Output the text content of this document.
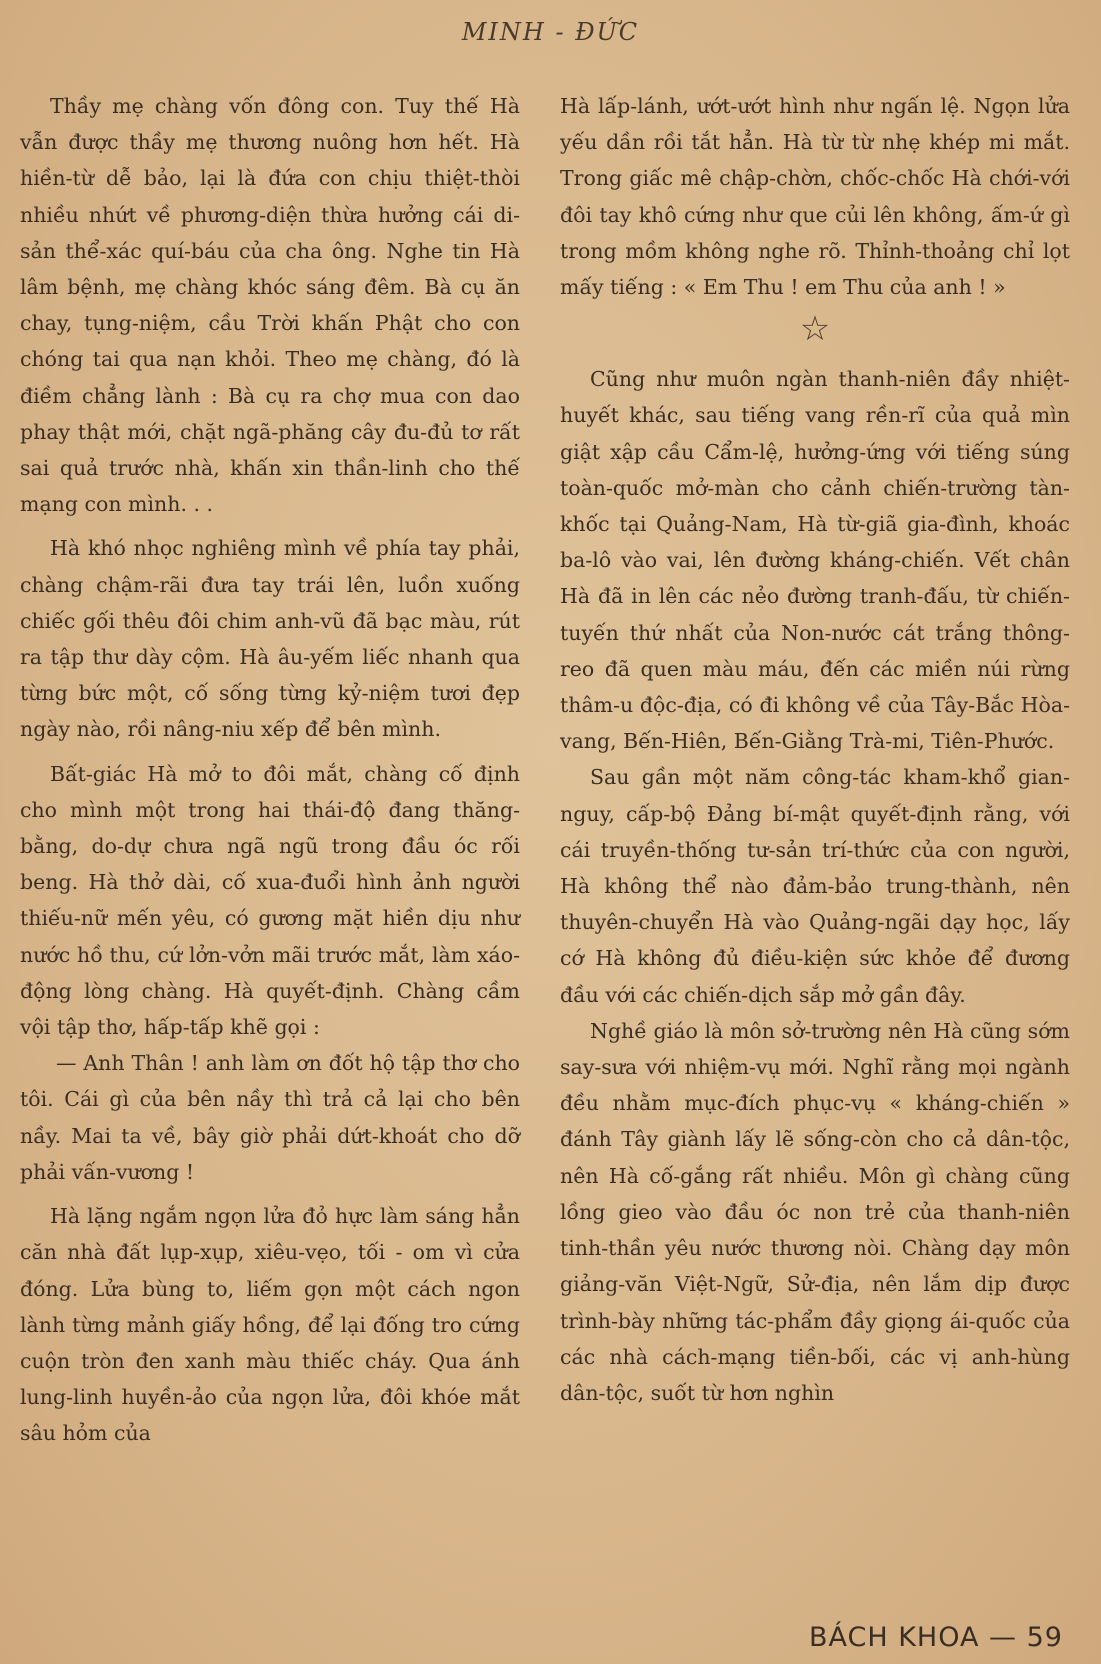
MINH - ĐỨC

Thầy mẹ chàng vốn đông con. Tuy thế Hà vẫn được thầy mẹ thương nuông hơn hết. Hà hiền-từ dễ bảo, lại là đứa con chịu thiệt-thòi nhiều nhứt về phương-diện thừa hưởng cái di-sản thể-xác quí-báu của cha ông. Nghe tin Hà lâm bệnh, mẹ chàng khóc sáng đêm. Bà cụ ăn chay, tụng-niệm, cầu Trời khấn Phật cho con chóng tai qua nạn khỏi. Theo mẹ chàng, đó là điềm chẳng lành : Bà cụ ra chợ mua con dao phay thật mới, chặt ngã-phăng cây đu-đủ tơ rất sai quả trước nhà, khấn xin thần-linh cho thế mạng con mình. . .

Hà khó nhọc nghiêng mình về phía tay phải, chàng chậm-rãi đưa tay trái lên, luồn xuống chiếc gối thêu đôi chim anh-vũ đã bạc màu, rút ra tập thư dày cộm. Hà âu-yếm liếc nhanh qua từng bức một, cố sống từng kỷ-niệm tươi đẹp ngày nào, rồi nâng-niu xếp để bên mình.

Bất-giác Hà mở to đôi mắt, chàng cố định cho mình một trong hai thái-độ đang thăng-bằng, do-dự chưa ngã ngũ trong đầu óc rối beng. Hà thở dài, cố xua-đuổi hình ảnh người thiếu-nữ mến yêu, có gương mặt hiền dịu như nước hồ thu, cứ lởn-vởn mãi trước mắt, làm xáo-động lòng chàng. Hà quyết-định. Chàng cầm vội tập thơ, hấp-tấp khẽ gọi :

— Anh Thân ! anh làm ơn đốt hộ tập thơ cho tôi. Cái gì của bên nầy thì trả cả lại cho bên nầy. Mai ta về, bây giờ phải dứt-khoát cho dỡ phải vấn-vương !

Hà lặng ngắm ngọn lửa đỏ hực làm sáng hẳn căn nhà đất lụp-xụp, xiêu-vẹo, tối - om vì cửa đóng. Lửa bùng to, liếm gọn một cách ngon lành từng mảnh giấy hồng, để lại đống tro cứng cuộn tròn đen xanh màu thiếc cháy. Qua ánh lung-linh huyền-ảo của ngọn lửa, đôi khóe mắt sâu hỏm của

Hà lấp-lánh, ướt-ướt hình như ngấn lệ. Ngọn lửa yếu dần rồi tắt hẳn. Hà từ từ nhẹ khép mi mắt. Trong giấc mê chập-chờn, chốc-chốc Hà chới-với đôi tay khô cứng như que củi lên không, ấm-ứ gì trong mồm không nghe rõ. Thỉnh-thoảng chỉ lọt mấy tiếng : « Em Thu ! em Thu của anh ! »

☆

Cũng như muôn ngàn thanh-niên đầy nhiệt-huyết khác, sau tiếng vang rền-rĩ của quả mìn giật xập cầu Cẩm-lệ, hưởng-ứng với tiếng súng toàn-quốc mở-màn cho cảnh chiến-trường tàn-khốc tại Quảng-Nam, Hà từ-giã gia-đình, khoác ba-lô vào vai, lên đường kháng-chiến. Vết chân Hà đã in lên các nẻo đường tranh-đấu, từ chiến-tuyến thứ nhất của Non-nước cát trắng thông-reo đã quen màu máu, đến các miền núi rừng thâm-u độc-địa, có đi không về của Tây-Bắc Hòa-vang, Bến-Hiên, Bến-Giằng Trà-mi, Tiên-Phước.

Sau gần một năm công-tác kham-khổ gian-nguy, cấp-bộ Đảng bí-mật quyết-định rằng, với cái truyền-thống tư-sản trí-thức của con người, Hà không thể nào đảm-bảo trung-thành, nên thuyên-chuyển Hà vào Quảng-ngãi dạy học, lấy cớ Hà không đủ điều-kiện sức khỏe để đương đầu với các chiến-dịch sắp mở gần đây.

Nghề giáo là môn sở-trường nên Hà cũng sớm say-sưa với nhiệm-vụ mới. Nghĩ rằng mọi ngành đều nhằm mục-đích phục-vụ « kháng-chiến » đánh Tây giành lấy lẽ sống-còn cho cả dân-tộc, nên Hà cố-gắng rất nhiều. Môn gì chàng cũng lồng gieo vào đầu óc non trẻ của thanh-niên tinh-thần yêu nước thương nòi. Chàng dạy môn giảng-văn Việt-Ngữ, Sử-địa, nên lắm dịp được trình-bày những tác-phẩm đầy giọng ái-quốc của các nhà cách-mạng tiền-bối, các vị anh-hùng dân-tộc, suốt từ hơn nghìn

BÁCH KHOA — 59
